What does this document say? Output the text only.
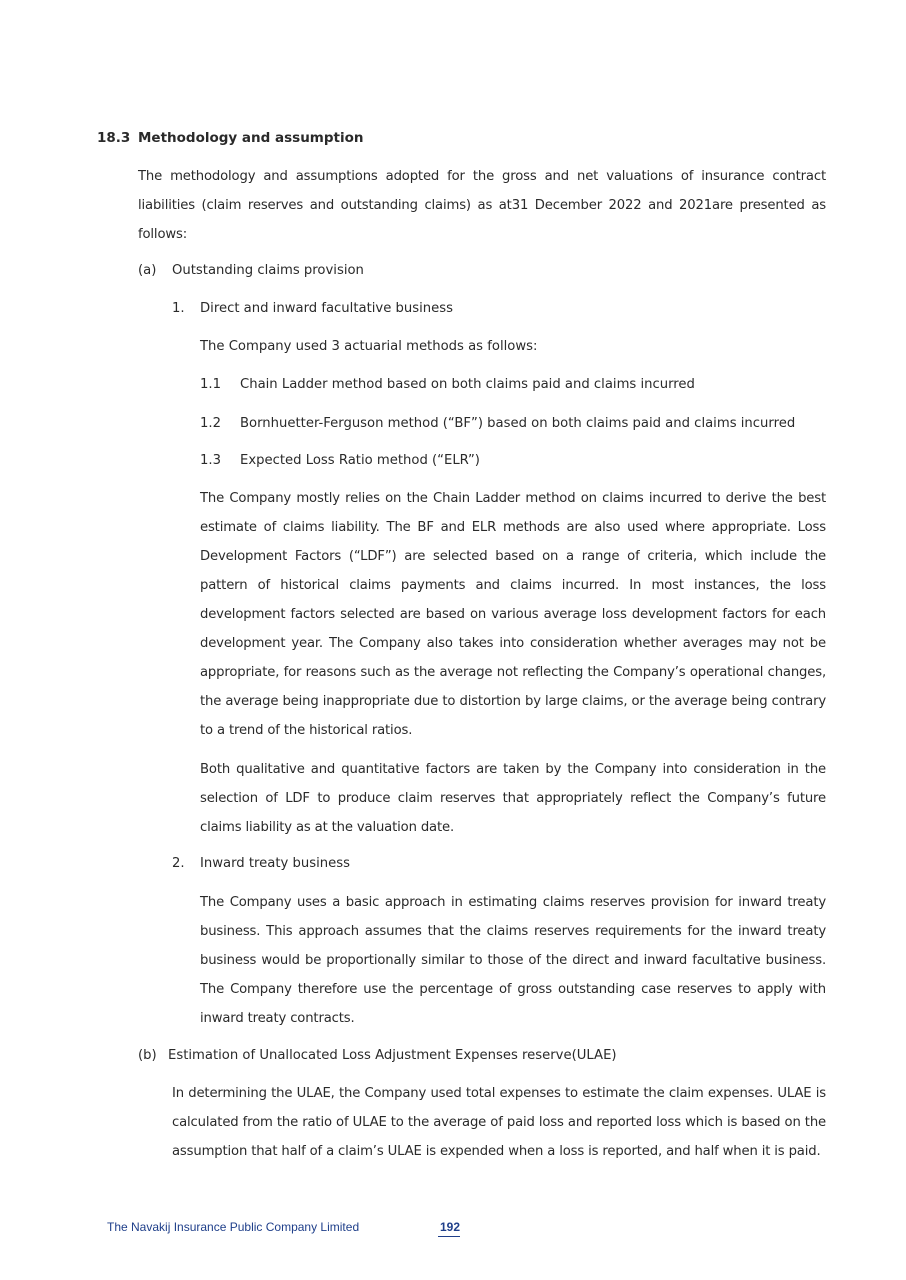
18.3 Methodology and assumption

The methodology and assumptions adopted for the gross and net valuations of insurance contract liabilities (claim reserves and outstanding claims) as at31 December 2022 and 2021are presented as follows:

(a) Outstanding claims provision
1. Direct and inward facultative business
The Company used 3 actuarial methods as follows:
1.1 Chain Ladder method based on both claims paid and claims incurred
1.2 Bornhuetter-Ferguson method (“BF”) based on both claims paid and claims incurred
1.3 Expected Loss Ratio method (“ELR”)

The Company mostly relies on the Chain Ladder method on claims incurred to derive the best estimate of claims liability. The BF and ELR methods are also used where appropriate. Loss Development Factors (“LDF”) are selected based on a range of criteria, which include the pattern of historical claims payments and claims incurred. In most instances, the loss development factors selected are based on various average loss development factors for each development year. The Company also takes into consideration whether averages may not be appropriate, for reasons such as the average not reflecting the Company’s operational changes, the average being inappropriate due to distortion by large claims, or the average being contrary to a trend of the historical ratios.

Both qualitative and quantitative factors are taken by the Company into consideration in the selection of LDF to produce claim reserves that appropriately reflect the Company’s future claims liability as at the valuation date.

2. Inward treaty business

The Company uses a basic approach in estimating claims reserves provision for inward treaty business. This approach assumes that the claims reserves requirements for the inward treaty business would be proportionally similar to those of the direct and inward facultative business. The Company therefore use the percentage of gross outstanding case reserves to apply with inward treaty contracts.

(b) Estimation of Unallocated Loss Adjustment Expenses reserve(ULAE)

In determining the ULAE, the Company used total expenses to estimate the claim expenses. ULAE is calculated from the ratio of ULAE to the average of paid loss and reported loss which is based on the assumption that half of a claim’s ULAE is expended when a loss is reported, and half when it is paid.

The Navakij Insurance Public Company Limited	192
